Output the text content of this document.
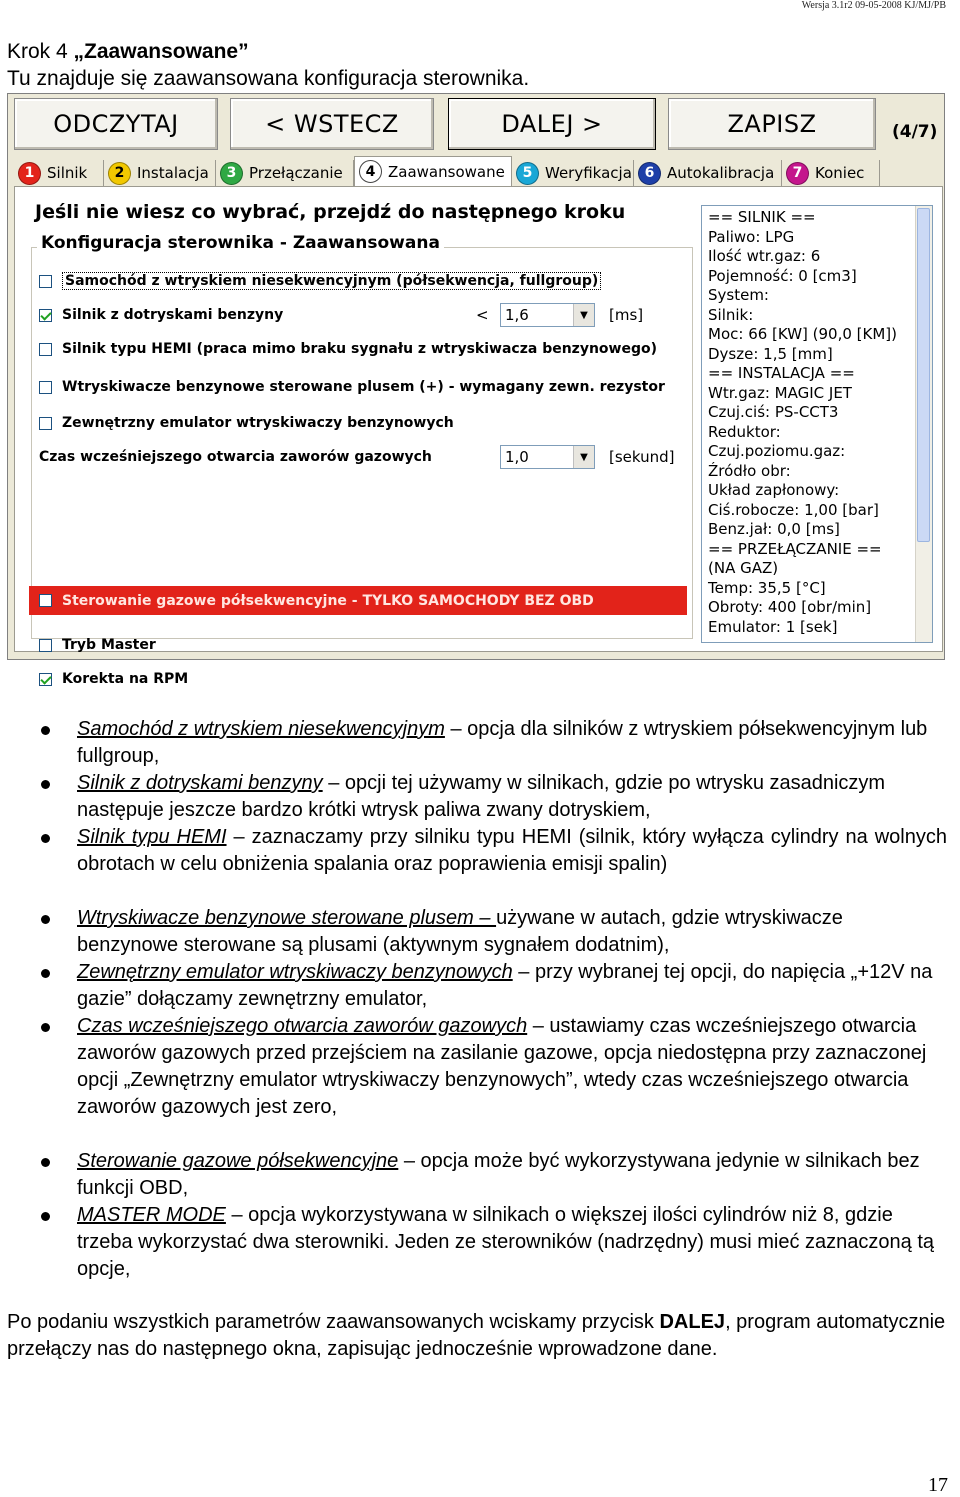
Wersja 3.1r2 09-05-2008 KJ/MJ/PB
Krok 4 „Zaawansowane”
Tu znajduje się zaawansowana konfiguracja sterownika.
ODCZYTAJ	< WSTECZ	DALEJ >	ZAPISZ	(4/7)
1 Silnik	2 Instalacja	3 Przełączanie	4 Zaawansowane	5 Weryfikacja 6 Autokalibracja	7 Koniec
Jeśli nie wiesz co wybrać, przejdź do następnego kroku
Konfiguracja sterownika - Zaawansowana
Samochód z wtryskiem niesekwencyjnym (półsekwencja, fullgroup)
Silnik z dotryskami benzyny	< 1,6	▼	[ms]
Silnik typu HEMI (praca mimo braku sygnału z wtryskiwacza benzynowego)
Wtryskiwacze benzynowe sterowane plusem (+) - wymagany zewn. rezystor
Zewnętrzny emulator wtryskiwaczy benzynowych
Czas wcześniejszego otwarcia zaworów gazowych	1,0	▼	[sekund]
Sterowanie gazowe półsekwencyjne - TYLKO SAMOCHODY BEZ OBD
Tryb Master
Korekta na RPM
== SILNIK ==
Paliwo: LPG
Ilość wtr.gaz: 6
Pojemność: 0 [cm3]
System:
Silnik:
Moc: 66 [KW] (90,0 [KM])
Dysze: 1,5 [mm]
== INSTALACJA ==
Wtr.gaz: MAGIC JET
Czuj.ciś: PS-CCT3
Reduktor:
Czuj.poziomu.gaz:
Źródło obr:
Układ zapłonowy:
Ciś.robocze: 1,00 [bar]
Benz.jał: 0,0 [ms]
== PRZEŁĄCZANIE ==
(NA GAZ)
Temp: 35,5 [°C]
Obroty: 400 [obr/min]
Emulator: 1 [sek]
Samochód z wtryskiem niesekwencyjnym – opcja dla silników z wtryskiem półsekwencyjnym lub fullgroup,
Silnik z dotryskami benzyny – opcji tej używamy w silnikach, gdzie po wtrysku zasadniczym następuje jeszcze bardzo krótki wtrysk paliwa zwany dotryskiem,
Silnik typu HEMI – zaznaczamy przy silniku typu HEMI (silnik, który wyłącza cylindry na wolnych obrotach w celu obniżenia spalania oraz poprawienia emisji spalin)
Wtryskiwacze benzynowe sterowane plusem – używane w autach, gdzie wtryskiwacze benzynowe sterowane są plusami (aktywnym sygnałem dodatnim),
Zewnętrzny emulator wtryskiwaczy benzynowych – przy wybranej tej opcji, do napięcia „+12V na gazie” dołączamy zewnętrzny emulator,
Czas wcześniejszego otwarcia zaworów gazowych – ustawiamy czas wcześniejszego otwarcia zaworów gazowych przed przejściem na zasilanie gazowe, opcja niedostępna przy zaznaczonej opcji „Zewnętrzny emulator wtryskiwaczy benzynowych”, wtedy czas wcześniejszego otwarcia zaworów gazowych jest zero,
Sterowanie gazowe półsekwencyjne – opcja może być wykorzystywana jedynie w silnikach bez funkcji OBD,
MASTER MODE – opcja wykorzystywana w silnikach o większej ilości cylindrów niż 8, gdzie trzeba wykorzystać dwa sterowniki. Jeden ze sterowników (nadrzędny) musi mieć zaznaczoną tą opcje,
Po podaniu wszystkich parametrów zaawansowanych wciskamy przycisk DALEJ, program automatycznie przełączy nas do następnego okna, zapisując jednocześnie wprowadzone dane.
17
